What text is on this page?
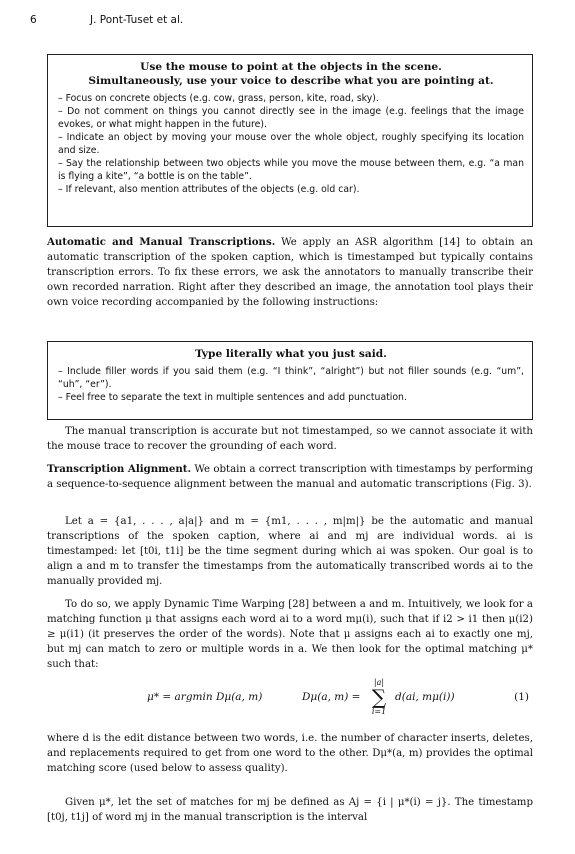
6	J. Pont-Tuset et al.
Use the mouse to point at the objects in the scene.
Simultaneously, use your voice to describe what you are pointing at.
– Focus on concrete objects (e.g. cow, grass, person, kite, road, sky).
– Do not comment on things you cannot directly see in the image (e.g. feelings that the image evokes, or what might happen in the future).
– Indicate an object by moving your mouse over the whole object, roughly specifying its location and size.
– Say the relationship between two objects while you move the mouse between them, e.g. “a man is flying a kite”, “a bottle is on the table”.
– If relevant, also mention attributes of the objects (e.g. old car).
Automatic and Manual Transcriptions. We apply an ASR algorithm [14] to obtain an automatic transcription of the spoken caption, which is timestamped but typically contains transcription errors. To fix these errors, we ask the annotators to manually transcribe their own recorded narration. Right after they described an image, the annotation tool plays their own voice recording accompanied by the following instructions:
Type literally what you just said.
– Include filler words if you said them (e.g. “I think”, “alright”) but not filler sounds (e.g. “um”, “uh”, “er”).
– Feel free to separate the text in multiple sentences and add punctuation.
The manual transcription is accurate but not timestamped, so we cannot associate it with the mouse trace to recover the grounding of each word.
Transcription Alignment. We obtain a correct transcription with timestamps by performing a sequence-to-sequence alignment between the manual and automatic transcriptions (Fig. 3).
Let a = {a1, . . . , a|a|} and m = {m1, . . . , m|m|} be the automatic and manual transcriptions of the spoken caption, where ai and mj are individual words. ai is timestamped: let [t0i, t1i] be the time segment during which ai was spoken. Our goal is to align a and m to transfer the timestamps from the automatically transcribed words ai to the manually provided mj.
To do so, we apply Dynamic Time Warping [28] between a and m. Intuitively, we look for a matching function μ that assigns each word ai to a word mμ(i), such that if i2 > i1 then μ(i2) ≥ μ(i1) (it preserves the order of the words). Note that μ assigns each ai to exactly one mj, but mj can match to zero or multiple words in a. We then look for the optimal matching μ* such that:
μ* = argmin Dμ(a, m)	Dμ(a, m) =
|a|
∑
i=1
d(ai, mμ(i))	(1)
where d is the edit distance between two words, i.e. the number of character inserts, deletes, and replacements required to get from one word to the other. Dμ*(a, m) provides the optimal matching score (used below to assess quality).
Given μ*, let the set of matches for mj be defined as Aj = {i | μ*(i) = j}. The timestamp [t0j, t1j] of word mj in the manual transcription is the interval
